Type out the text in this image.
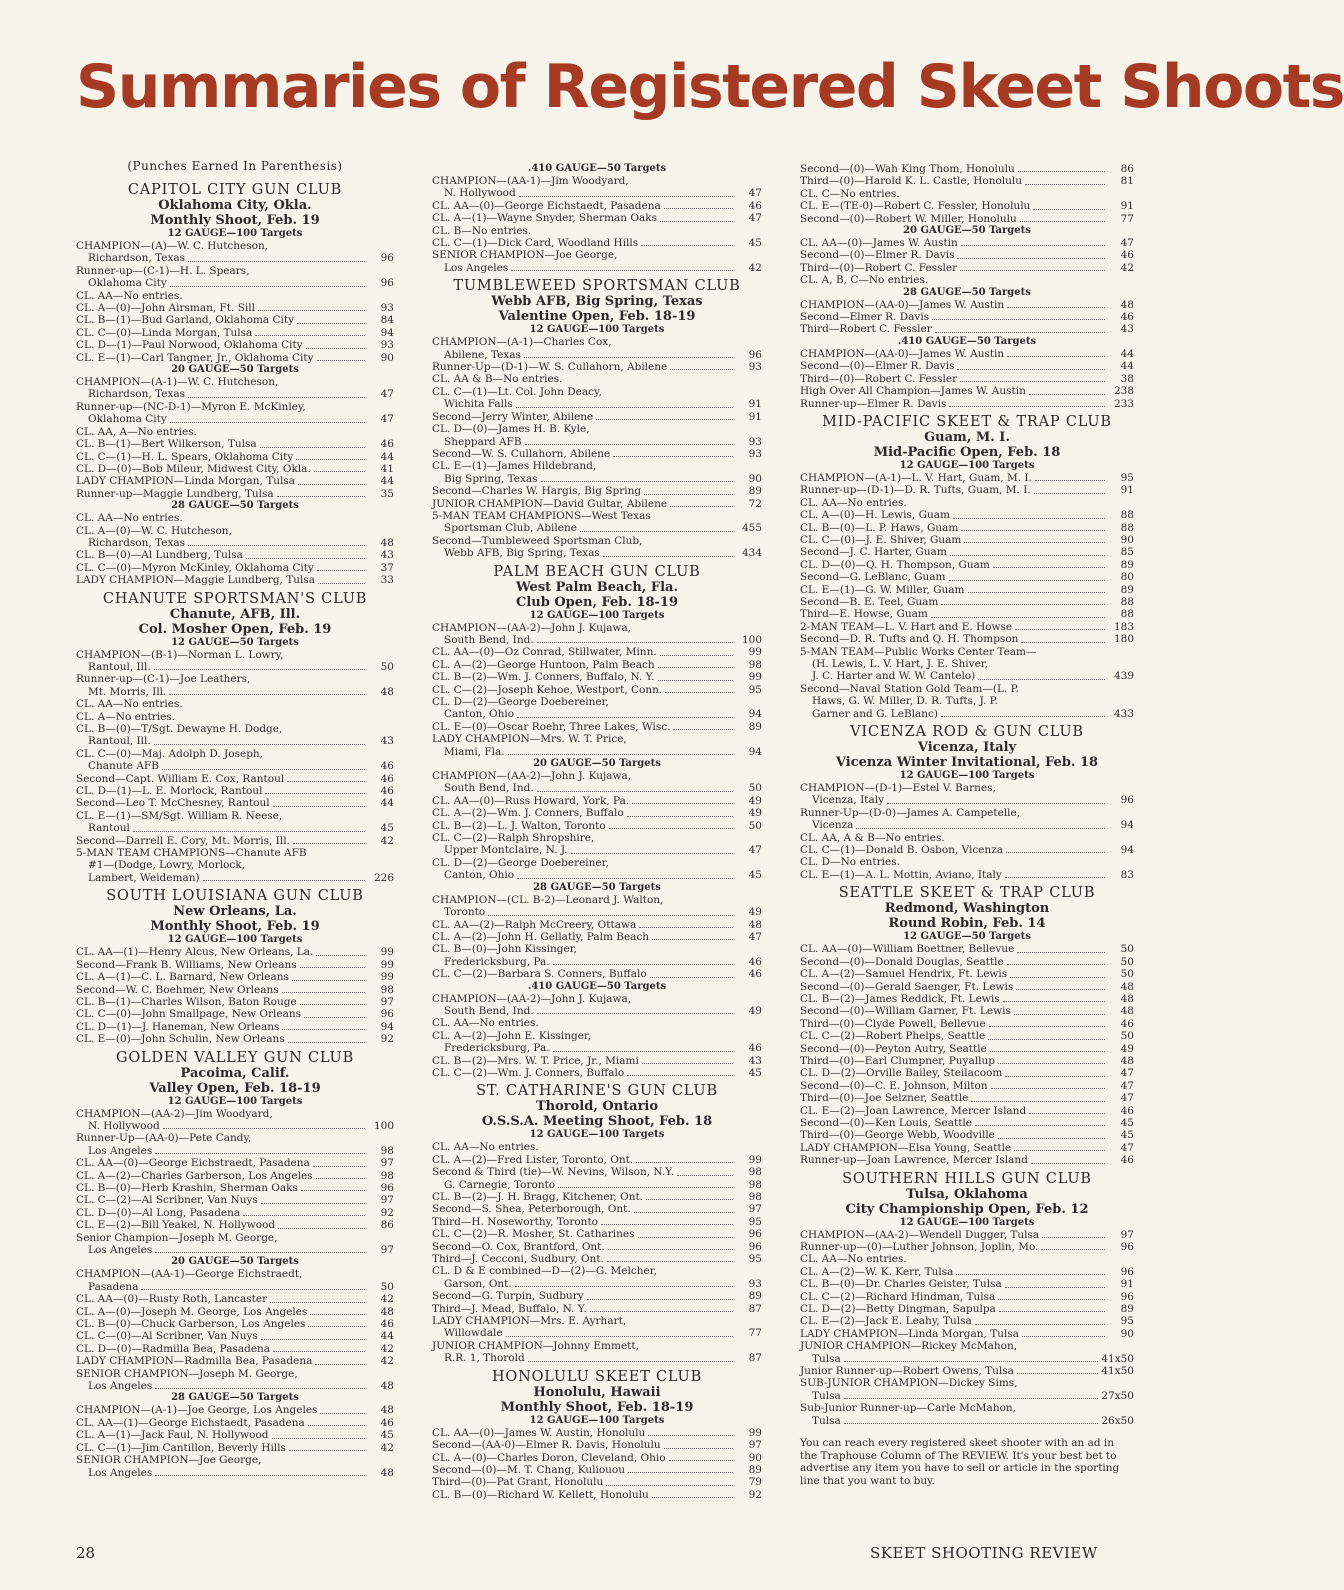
Summaries of Registered Skeet Shoots
(Punches Earned In Parenthesis)
CAPITOL CITY GUN CLUB
Oklahoma City, Okla.
Monthly Shoot, Feb. 19
12 GAUGE—100 Targets
CHAMPION—(A)—W. C. Hutcheson,
Richardson, Texas	96
Runner-up—(C-1)—H. L. Spears,
Oklahoma City	96
CL. AA—No entries.
CL. A—(0)—John Airsman, Ft. Sill	93
CL. B—(1)—Bud Garland, Oklahoma City	84
CL. C—(0)—Linda Morgan, Tulsa	94
CL. D—(1)—Paul Norwood, Oklahoma City	93
CL. E—(1)—Carl Tangner, Jr., Oklahoma City	90
20 GAUGE—50 Targets
CHAMPION—(A-1)—W. C. Hutcheson,
Richardson, Texas	47
Runner-up—(NC-D-1)—Myron E. McKinley,
Oklahoma City	47
CL. AA, A—No entries.
CL. B—(1)—Bert Wilkerson, Tulsa	46
CL. C—(1)—H. L. Spears, Oklahoma City	44
CL. D—(0)—Bob Mileur, Midwest City, Okla.	41
LADY CHAMPION—Linda Morgan, Tulsa	44
Runner-up—Maggie Lundberg, Tulsa	35
28 GAUGE—50 Targets
CL. AA—No entries.
CL. A—(0)—W. C. Hutcheson,
Richardson, Texas	48
CL. B—(0)—Al Lundberg, Tulsa	43
CL. C—(0)—Myron McKinley, Oklahoma City	37
LADY CHAMPION—Maggie Lundberg, Tulsa	33
CHANUTE SPORTSMAN'S CLUB
Chanute, AFB, Ill.
Col. Mosher Open, Feb. 19
12 GAUGE—50 Targets
CHAMPION—(B-1)—Norman L. Lowry,
Rantoul, Ill.	50
Runner-up—(C-1)—Joe Leathers,
Mt. Morris, Ill.	48
CL. AA—No entries.
CL. A—No entries.
CL. B—(0)—T/Sgt. Dewayne H. Dodge,
Rantoul, Ill.	43
CL. C—(0)—Maj. Adolph D. Joseph,
Chanute AFB	46
Second—Capt. William E. Cox, Rantoul	46
CL. D—(1)—L. E. Morlock, Rantoul	46
Second—Leo T. McChesney, Rantoul	44
CL. E—(1)—SM/Sgt. William R. Neese,
Rantoul	45
Second—Darrell E. Cory, Mt. Morris, Ill.	42
5-MAN TEAM CHAMPIONS—Chanute AFB
#1—(Dodge, Lowry, Morlock,
Lambert, Weideman)	226
SOUTH LOUISIANA GUN CLUB
New Orleans, La.
Monthly Shoot, Feb. 19
12 GAUGE—100 Targets
CL. AA—(1)—Henry Alcus, New Orleans, La.	99
Second—Frank B. Williams, New Orleans	99
CL. A—(1)—C. L. Barnard, New Orleans	99
Second—W. C. Boehmer, New Orleans	98
CL. B—(1)—Charles Wilson, Baton Rouge	97
CL. C—(0)—John Smallpage, New Orleans	96
CL. D—(1)—J. Haneman, New Orleans	94
CL. E—(0)—John Schulin, New Orleans	92
GOLDEN VALLEY GUN CLUB
Pacoima, Calif.
Valley Open, Feb. 18-19
12 GAUGE—100 Targets
CHAMPION—(AA-2)—Jim Woodyard,
N. Hollywood	100
Runner-Up—(AA-0)—Pete Candy,
Los Angeles	98
CL. AA—(0)—George Eichstraedt, Pasadena	97
CL. A—(2)—Charles Garberson, Los Angeles	98
CL. B—(0)—Herb Krashin, Sherman Oaks	96
CL. C—(2)—Al Scribner, Van Nuys	97
CL. D—(0)—Al Long, Pasadena	92
CL. E—(2)—Bill Yeakel, N. Hollywood	86
Senior Champion—Joseph M. George,
Los Angeles	97
20 GAUGE—50 Targets
CHAMPION—(AA-1)—George Eichstraedt,
Pasadena	50
CL. AA—(0)—Rusty Roth, Lancaster	42
CL. A—(0)—Joseph M. George, Los Angeles	48
CL. B—(0)—Chuck Garberson, Los Angeles	46
CL. C—(0)—Al Scribner, Van Nuys	44
CL. D—(0)—Radmilla Bea, Pasadena	42
LADY CHAMPION—Radmilla Bea, Pasadena	42
SENIOR CHAMPION—Joseph M. George,
Los Angeles	48
28 GAUGE—50 Targets
CHAMPION—(A-1)—Joe George, Los Angeles	48
CL. AA—(1)—George Eichstaedt, Pasadena	46
CL. A—(1)—Jack Faul, N. Hollywood	45
CL. C—(1)—Jim Cantillon, Beverly Hills	42
SENIOR CHAMPION—Joe George,
Los Angeles	48
.410 GAUGE—50 Targets
CHAMPION—(AA-1)—Jim Woodyard,
N. Hollywood	47
CL. AA—(0)—George Eichstaedt, Pasadena	46
CL. A—(1)—Wayne Snyder, Sherman Oaks	47
CL. B—No entries.
CL. C—(1)—Dick Card, Woodland Hills	45
SENIOR CHAMPION—Joe George,
Los Angeles	42
TUMBLEWEED SPORTSMAN CLUB
Webb AFB, Big Spring, Texas
Valentine Open, Feb. 18-19
12 GAUGE—100 Targets
CHAMPION—(A-1)—Charles Cox,
Abilene, Texas	96
Runner-Up—(D-1)—W. S. Cullahorn, Abilene	93
CL. AA & B—No entries.
CL. C—(1)—Lt. Col. John Deacy,
Wichita Falls	91
Second—Jerry Winter, Abilene	91
CL. D—(0)—James H. B. Kyle,
Sheppard AFB	93
Second—W. S. Cullahorn, Abilene	93
CL. E—(1)—James Hildebrand,
Big Spring, Texas	90
Second—Charles W. Hargis, Big Spring	89
JUNIOR CHAMPION—David Gultar, Abilene	72
5-MAN TEAM CHAMPIONS—West Texas
Sportsman Club, Abilene	455
Second—Tumbleweed Sportsman Club,
Webb AFB, Big Spring, Texas	434
PALM BEACH GUN CLUB
West Palm Beach, Fla.
Club Open, Feb. 18-19
12 GAUGE—100 Targets
CHAMPION—(AA-2)—John J. Kujawa,
South Bend, Ind.	100
CL. AA—(0)—Oz Conrad, Stillwater, Minn.	99
CL. A—(2)—George Huntoon, Palm Beach	98
CL. B—(2)—Wm. J. Conners, Buffalo, N. Y.	99
CL. C—(2)—Joseph Kehoe, Westport, Conn.	95
CL. D—(2)—George Doebereiner,
Canton, Ohio	94
CL. E—(0)—Oscar Roehr, Three Lakes, Wisc.	89
LADY CHAMPION—Mrs. W. T. Price,
Miami, Fla.	94
20 GAUGE—50 Targets
CHAMPION—(AA-2)—John J. Kujawa,
South Bend, Ind.	50
CL. AA—(0)—Russ Howard, York, Pa.	49
CL. A—(2)—Wm. J. Conners, Buffalo	49
CL. B—(2)—L. J. Walton, Toronto	50
CL. C—(2)—Ralph Shropshire,
Upper Montclaire, N. J.	47
CL. D—(2)—George Doebereiner,
Canton, Ohio	45
28 GAUGE—50 Targets
CHAMPION—(CL. B-2)—Leonard J. Walton,
Toronto	49
CL. AA—(2)—Ralph McCreery, Ottawa	48
CL. A—(2)—John H. Gellatly, Palm Beach	47
CL. B—(0)—John Kissinger,
Fredericksburg, Pa.	46
CL. C—(2)—Barbara S. Conners, Buffalo	46
.410 GAUGE—50 Targets
CHAMPION—(AA-2)—John J. Kujawa,
South Bend, Ind.	49
CL. AA—No entries.
CL. A—(2)—John E. Kissinger,
Fredericksburg, Pa.	46
CL. B—(2)—Mrs. W. T. Price, Jr., Miami	43
CL. C—(2)—Wm. J. Conners, Buffalo	45
ST. CATHARINE'S GUN CLUB
Thorold, Ontario
O.S.S.A. Meeting Shoot, Feb. 18
12 GAUGE—100 Targets
CL. AA—No entries.
CL. A—(2)—Fred Lister, Toronto, Ont.	99
Second & Third (tie)—W. Nevins, Wilson, N.Y.	98
G. Carnegie, Toronto	98
CL. B—(2)—J. H. Bragg, Kitchener, Ont.	98
Second—S. Shea, Peterborough, Ont.	97
Third—H. Noseworthy, Toronto	95
CL. C—(2)—R. Mosher, St. Catharines	96
Second—O. Cox, Brantford, Ont.	96
Third—J. Cecconi, Sudbury, Ont.	95
CL. D & E combined—D—(2)—G. Melcher,
Garson, Ont.	93
Second—G. Turpin, Sudbury	89
Third—J. Mead, Buffalo, N. Y.	87
LADY CHAMPION—Mrs. E. Ayrhart,
Willowdale	77
JUNIOR CHAMPION—Johnny Emmett,
R.R. 1, Thorold	87
HONOLULU SKEET CLUB
Honolulu, Hawaii
Monthly Shoot, Feb. 18-19
12 GAUGE—100 Targets
CL. AA—(0)—James W. Austin, Honolulu	99
Second—(AA-0)—Elmer R. Davis, Honolulu	97
CL. A—(0)—Charles Doron, Cleveland, Ohio	90
Second—(0)—M. T. Chang, Kuliouou	89
Third—(0)—Pat Grant, Honolulu	79
CL. B—(0)—Richard W. Kellett, Honolulu	92
Second—(0)—Wah King Thom, Honolulu	86
Third—(0)—Harold K. L. Castle, Honolulu	81
CL. C—No entries.
CL. E—(TE-0)—Robert C. Fessler, Honolulu	91
Second—(0)—Robert W. Miller, Honolulu	77
20 GAUGE—50 Targets
CL. AA—(0)—James W. Austin	47
Second—(0)—Elmer R. Davis	46
Third—(0)—Robert C. Fessler	42
CL. A, B, C—No entries.
28 GAUGE—50 Targets
CHAMPION—(AA-0)—James W. Austin	48
Second—Elmer R. Davis	46
Third—Robert C. Fessler	43
.410 GAUGE—50 Targets
CHAMPION—(AA-0)—James W. Austin	44
Second—(0)—Elmer R. Davis	44
Third—(0)—Robert C. Fessler	38
High Over All Champion—James W. Austin	238
Runner-up—Elmer R. Davis	233
MID-PACIFIC SKEET & TRAP CLUB
Guam, M. I.
Mid-Pacific Open, Feb. 18
12 GAUGE—100 Targets
CHAMPION—(A-1)—L. V. Hart, Guam, M. I.	95
Runner-up—(D-1)—D. R. Tufts, Guam, M. I.	91
CL. AA—No entries.
CL. A—(0)—H. Lewis, Guam	88
CL. B—(0)—L. P. Haws, Guam	88
CL. C—(0)—J. E. Shiver, Guam	90
Second—J. C. Harter, Guam	85
CL. D—(0)—Q. H. Thompson, Guam	89
Second—G. LeBlanc, Guam	80
CL. E—(1)—G. W. Miller, Guam	89
Second—B. E. Teel, Guam	88
Third—E. Howse, Guam	88
2-MAN TEAM—L. V. Hart and E. Howse	183
Second—D. R. Tufts and Q. H. Thompson	180
5-MAN TEAM—Public Works Center Team—
(H. Lewis, L. V. Hart, J. E. Shiver,
J. C. Harter and W. W. Cantelo)	439
Second—Naval Station Gold Team—(L. P.
Haws, G. W. Miller, D. R. Tufts, J. P.
Garner and G. LeBlanc)	433
VICENZA ROD & GUN CLUB
Vicenza, Italy
Vicenza Winter Invitational, Feb. 18
12 GAUGE—100 Targets
CHAMPION—(D-1)—Estel V. Barnes,
Vicenza, Italy	96
Runner-Up—(D-0)—James A. Campetelle,
Vicenza	94
CL. AA, A & B—No entries.
CL. C—(1)—Donald B. Osbon, Vicenza	94
CL. D—No entries.
CL. E—(1)—A. L. Mottin, Aviano, Italy	83
SEATTLE SKEET & TRAP CLUB
Redmond, Washington
Round Robin, Feb. 14
12 GAUGE—50 Targets
CL. AA—(0)—William Boettner, Bellevue	50
Second—(0)—Donald Douglas, Seattle	50
CL. A—(2)—Samuel Hendrix, Ft. Lewis	50
Second—(0)—Gerald Saenger, Ft. Lewis	48
CL. B—(2)—James Reddick, Ft. Lewis	48
Second—(0)—William Garner, Ft. Lewis	48
Third—(0)—Clyde Powell, Bellevue	46
CL. C—(2)—Robert Phelps, Seattle	50
Second—(0)—Peyton Autry, Seattle	49
Third—(0)—Earl Clumpner, Puyallup	48
CL. D—(2)—Orville Bailey, Steilacoom	47
Second—(0)—C. E. Johnson, Milton	47
Third—(0)—Joe Selzner, Seattle	47
CL. E—(2)—Joan Lawrence, Mercer Island	46
Second—(0)—Ken Louis, Seattle	45
Third—(0)—George Webb, Woodville	45
LADY CHAMPION—Elsa Young, Seattle	47
Runner-up—Joan Lawrence, Mercer Island	46
SOUTHERN HILLS GUN CLUB
Tulsa, Oklahoma
City Championship Open, Feb. 12
12 GAUGE—100 Targets
CHAMPION—(AA-2)—Wendell Dugger, Tulsa	97
Runner-up—(0)—Luther Johnson, Joplin, Mo.	96
CL. AA—No entries.
CL. A—(2)—W. K. Kerr, Tulsa	96
CL. B—(0)—Dr. Charles Geister, Tulsa	91
CL. C—(2)—Richard Hindman, Tulsa	96
CL. D—(2)—Betty Dingman, Sapulpa	89
CL. E—(2)—Jack E. Leahy, Tulsa	95
LADY CHAMPION—Linda Morgan, Tulsa	90
JUNIOR CHAMPION—Rickey McMahon,
Tulsa	41x50
Junior Runner-up—Robert Owens, Tulsa	41x50
SUB-JUNIOR CHAMPION—Dickey Sims,
Tulsa	27x50
Sub-Junior Runner-up—Carle McMahon,
Tulsa	26x50
You can reach every registered skeet shooter with an ad in the Traphouse Column of The REVIEW. It's your best bet to advertise any item you have to sell or article in the sporting line that you want to buy.
28	SKEET SHOOTING REVIEW
